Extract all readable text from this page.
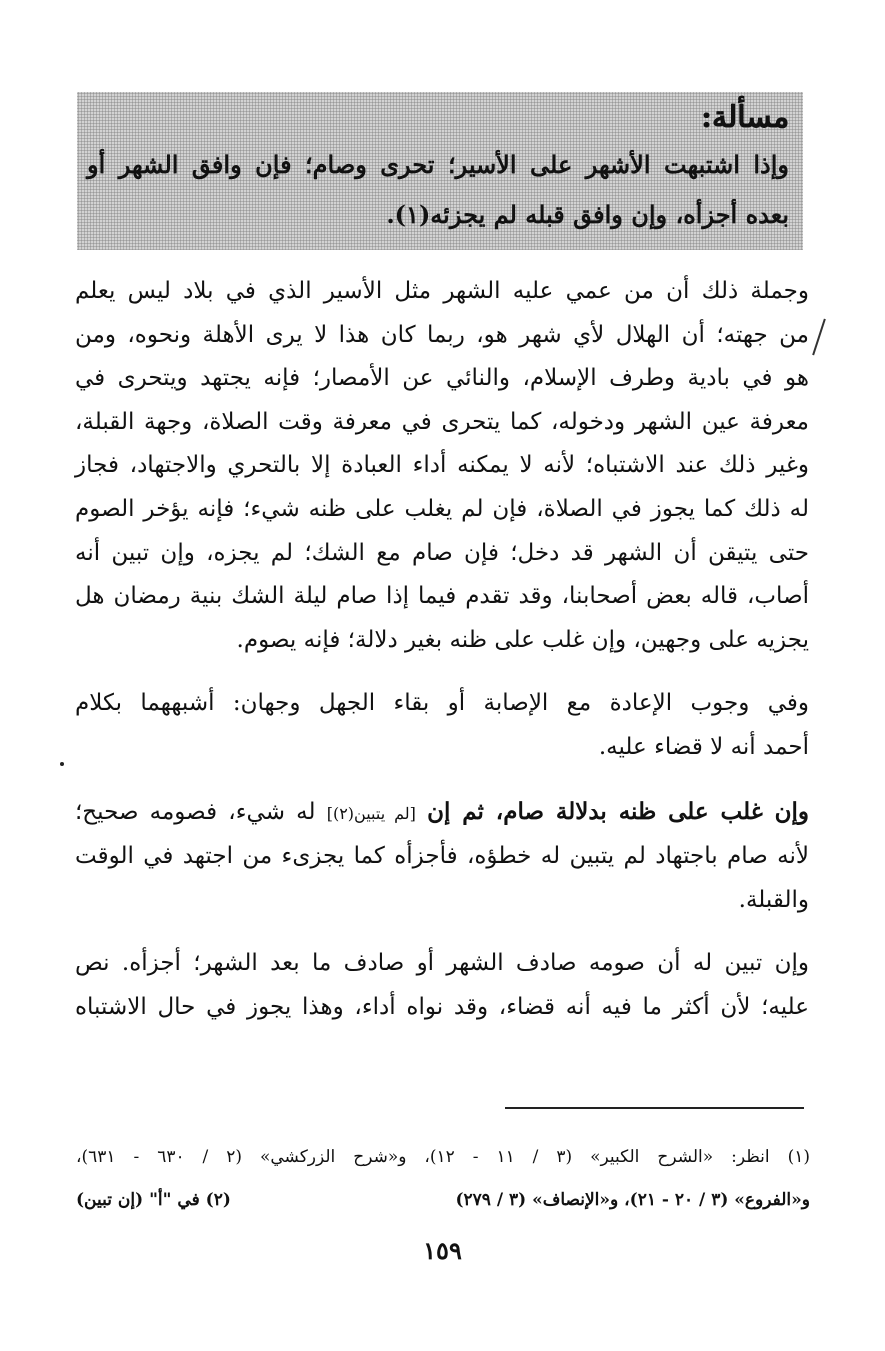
مسألة:
وإذا اشتبهت الأشهر على الأسير؛ تحرى وصام؛ فإن وافق الشهر أو
بعده أجزأه، وإن وافق قبله لم يجزئه(١).
وجملة ذلك أن من عمي عليه الشهر مثل الأسير الذي في بلاد ليس يعلم
من جهته؛ أن الهلال لأي شهر هو، ربما كان هذا لا يرى الأهلة ونحوه، ومن
هو في بادية وطرف الإسلام، والنائي عن الأمصار؛ فإنه يجتهد ويتحرى في
معرفة عين الشهر ودخوله، كما يتحرى في معرفة وقت الصلاة، وجهة القبلة،
وغير ذلك عند الاشتباه؛ لأنه لا يمكنه أداء العبادة إلا بالتحري والاجتهاد، فجاز
له ذلك كما يجوز في الصلاة، فإن لم يغلب على ظنه شيء؛ فإنه يؤخر الصوم
حتى يتيقن أن الشهر قد دخل؛ فإن صام مع الشك؛ لم يجزه، وإن تبين أنه
أصاب، قاله بعض أصحابنا، وقد تقدم فيما إذا صام ليلة الشك بنية رمضان هل
يجزيه على وجهين، وإن غلب على ظنه بغير دلالة؛ فإنه يصوم.
وفي وجوب الإعادة مع الإصابة أو بقاء الجهل وجهان: أشبههما بكلام
أحمد أنه لا قضاء عليه.
وإن غلب على ظنه بدلالة صام، ثم إن [لم يتبين(٢)] له شيء، فصومه صحيح؛
لأنه صام باجتهاد لم يتبين له خطؤه، فأجزأه كما يجزىء من اجتهد في الوقت
والقبلة.
وإن تبين له أن صومه صادف الشهر أو صادف ما بعد الشهر؛ أجزأه. نص
عليه؛ لأن أكثر ما فيه أنه قضاء، وقد نواه أداء، وهذا يجوز في حال الاشتباه
(١) انظر: «الشرح الكبير» (٣ / ١١ - ١٢)، و«شرح الزركشي» (٢ / ٦٣٠ - ٦٣١)،
و«الفروع» (٣ / ٢٠ - ٢١)، و«الإنصاف» (٣ / ٢٧٩)
(٢) في "أ" (إن تبين)
١٥٩
